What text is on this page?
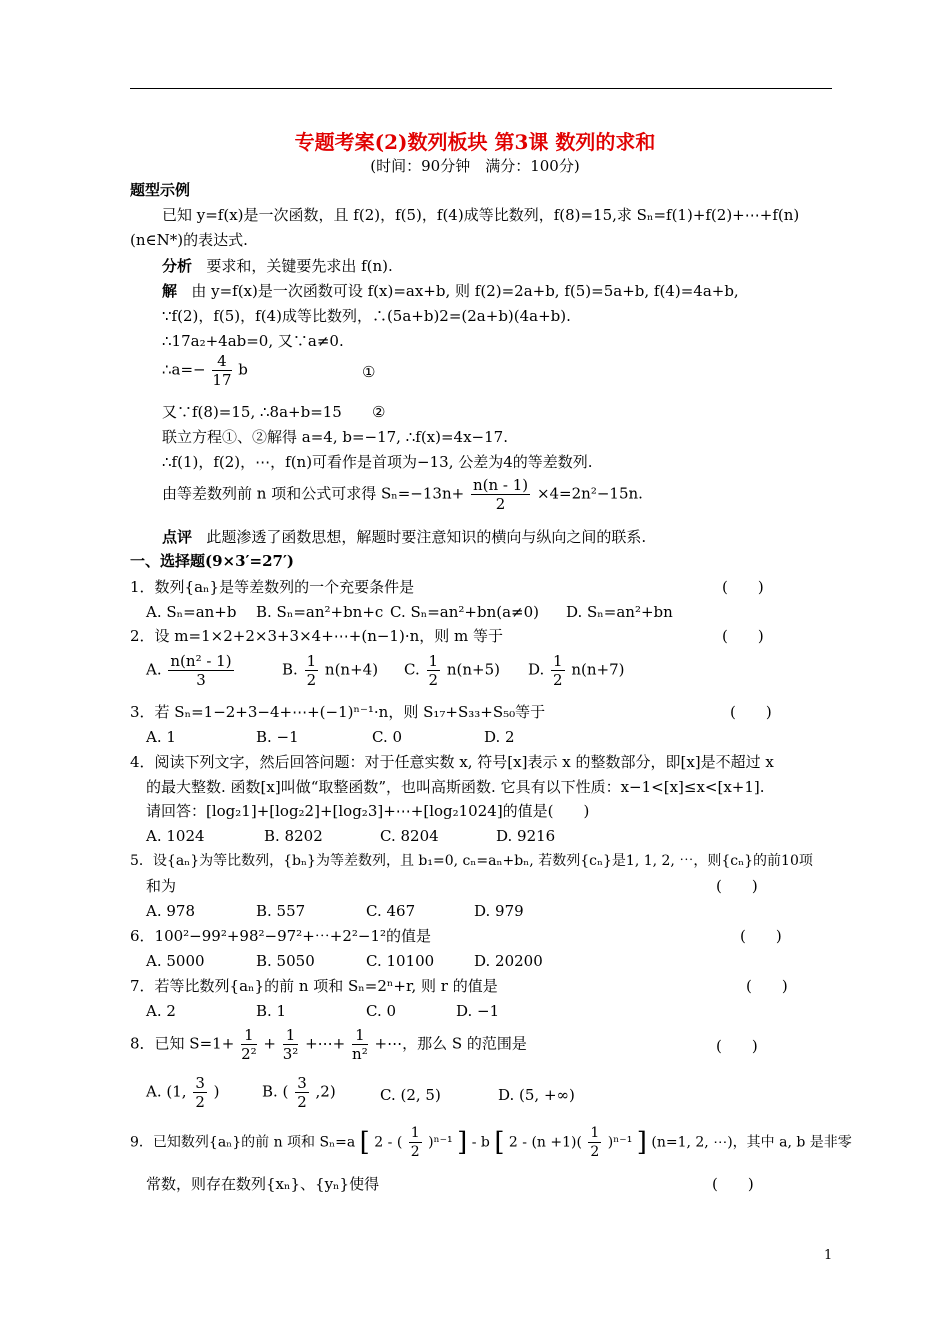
专题考案(2)数列板块 第3课 数列的求和
(时间：90分钟　满分：100分)
题型示例
已知 y=f(x)是一次函数，且 f(2)，f(5)，f(4)成等比数列，f(8)=15,求 Sₙ=f(1)+f(2)+⋯+f(n)
(n∈N*)的表达式.
分析 要求和，关键要先求出 f(n).
解 由 y=f(x)是一次函数可设 f(x)=ax+b, 则 f(2)=2a+b, f(5)=5a+b, f(4)=4a+b,
∵f(2)，f(5)，f(4)成等比数列，∴(5a+b)2=(2a+b)(4a+b).
∴17a₂+4ab=0, 又∵a≠0.
∴a=− $\frac{4}{17}$ b	①
又∵f(8)=15, ∴8a+b=15 ②
联立方程①、②解得 a=4, b=−17, ∴f(x)=4x−17.
∴f(1)，f(2)，⋯，f(n)可看作是首项为−13, 公差为4的等差数列.
由等差数列前 n 项和公式可求得 $S_n=-13n+ \frac{n(n - 1)}{2} \times 4=2n^2-15n$.
点评 此题渗透了函数思想，解题时要注意知识的横向与纵向之间的联系.
一、选择题(9×3′=27′)
1．数列{aₙ}是等差数列的一个充要条件是	(　　)
A. Sₙ=an+b B. Sₙ=an²+bn+c C. Sₙ=an²+bn(a≠0) D. Sₙ=an²+bn
2．设 m=1×2+2×3+3×4+⋯+(n−1)·n，则 m 等于	(　　)
A. $\frac{\text{n(n² - 1)}}{3}$	B. $\frac{1}{2} n(n+4)$ C. $\frac{1}{2} n(n+5)$ D. $\frac{1}{2} n(n+7)$
3．若 Sₙ=1−2+3−4+⋯+(−1)ⁿ⁻¹·n，则 S₁₇+S₃₃+S₅₀等于	(　　)
A. 1	B. −1	C. 0	D. 2
4．阅读下列文字，然后回答问题：对于任意实数 x, 符号[x]表示 x 的整数部分，即[x]是不超过 x
的最大整数. 函数[x]叫做“取整函数”，也叫高斯函数. 它具有以下性质：x−1<[x]≤x<[x+1].
请回答：[log₂1]+[log₂2]+[log₂3]+⋯+[log₂1024]的值是(　　)
A. 1024	B. 8202	C. 8204	D. 9216
5．设{aₙ}为等比数列，{bₙ}为等差数列，且 b₁=0, cₙ=aₙ+bₙ, 若数列{cₙ}是1, 1, 2, ⋯，则{cₙ}的前10项
和为	(　　)
A. 978	B. 557	C. 467	D. 979
6．100²−99²+98²−97²+⋯+2²−1²的值是	(　　)
A. 5000	B. 5050	C. 10100	D. 20200
7．若等比数列{aₙ}的前 n 项和 Sₙ=2ⁿ+r, 则 r 的值是	(　　)
A. 2	B. 1	C. 0	D. −1
8．已知 $S=1+ \frac{1}{\text{2²}} + \frac{1}{\text{3²}}$ +⋯+ $\frac{1}{\text{n²}}$ +⋯，那么 S 的范围是	(　　)
A. (1, $\frac{3}{2}$ )	B. ( $\frac{3}{2} ,2$)	C. (2, 5)	D. (5, +∞)
9．已知数列{aₙ}的前 n 项和 Sₙ=a [ 2 - ( $\frac{1}{2} )^{n-1}$ ] - b [ $2 - (n +1)( \frac{1}{2} )^{n-1}$ ] (n=1, 2, ⋯)，其中 a, b 是非零
常数，则存在数列{xₙ}、{yₙ}使得	(　　)
1
